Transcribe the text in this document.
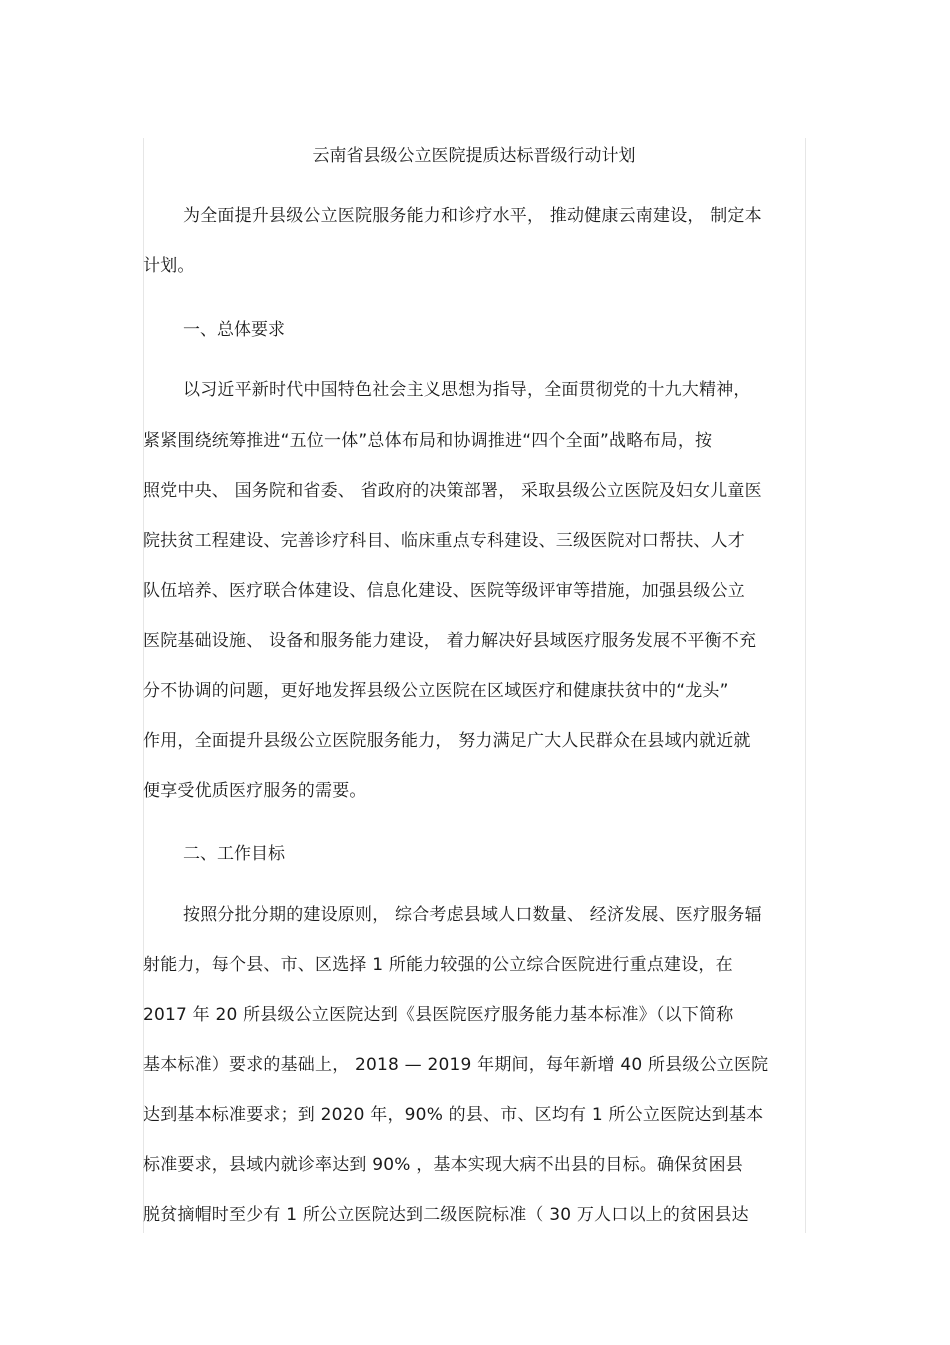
云南省县级公立医院提质达标晋级行动计划
为全面提升县级公立医院服务能力和诊疗水平， 推动健康云南建设， 制定本
计划。
一、总体要求
以习近平新时代中国特色社会主义思想为指导，全面贯彻党的十九大精神，
紧紧围绕统筹推进“五位一体”总体布局和协调推进“四个全面”战略布局，按
照党中央、 国务院和省委、 省政府的决策部署， 采取县级公立医院及妇女儿童医
院扶贫工程建设、完善诊疗科目、临床重点专科建设、三级医院对口帮扶、人才
队伍培养、医疗联合体建设、信息化建设、医院等级评审等措施，加强县级公立
医院基础设施、 设备和服务能力建设， 着力解决好县域医疗服务发展不平衡不充
分不协调的问题，更好地发挥县级公立医院在区域医疗和健康扶贫中的“龙头”
作用，全面提升县级公立医院服务能力， 努力满足广大人民群众在县域内就近就
便享受优质医疗服务的需要。
二、工作目标
按照分批分期的建设原则， 综合考虑县域人口数量、 经济发展、医疗服务辐
射能力，每个县、市、区选择 1 所能力较强的公立综合医院进行重点建设，在
2017 年 20 所县级公立医院达到《县医院医疗服务能力基本标准》（以下简称
基本标准）要求的基础上， 2018 — 2019 年期间，每年新增 40 所县级公立医院
达到基本标准要求；到 2020 年，90% 的县、市、区均有 1 所公立医院达到基本
标准要求，县域内就诊率达到 90% ，基本实现大病不出县的目标。确保贫困县
脱贫摘帽时至少有 1 所公立医院达到二级医院标准（ 30 万人口以上的贫困县达
